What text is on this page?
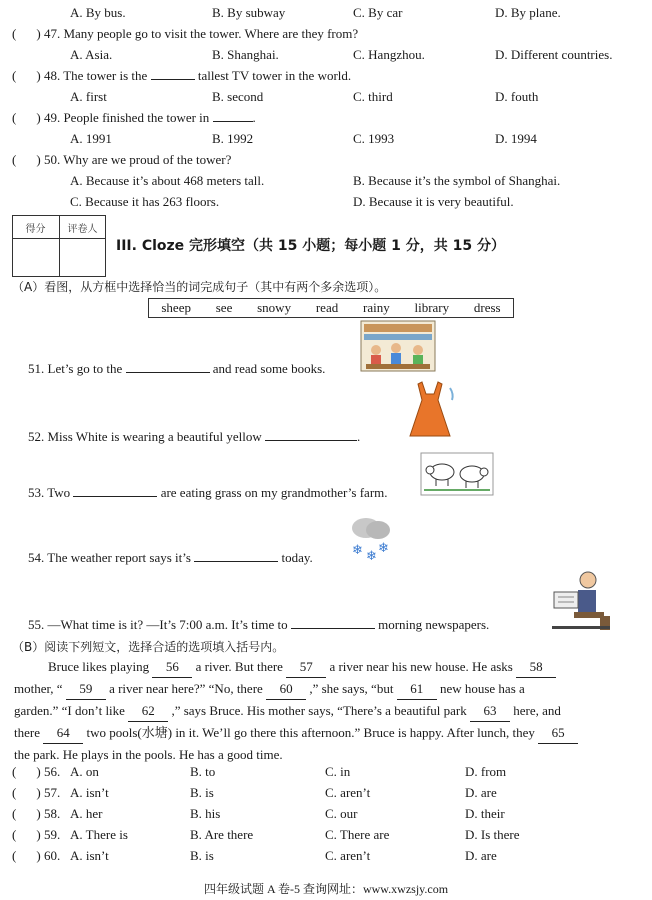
A. By bus.	B. By subway	C. By car	D. By plane.
( ) 47. Many people go to visit the tower. Where are they from?
A. Asia.	B. Shanghai.	C. Hangzhou.	D. Different countries.
( ) 48. The tower is the	tallest TV tower in the world.
A. first	B. second	C. third	D. fouth
( ) 49. People finished the tower in	.
A. 1991	B. 1992	C. 1993	D. 1994
( ) 50. Why are we proud of the tower?
A. Because it’s about 468 meters tall.	B. Because it’s the symbol of Shanghai.
C. Because it has 263 floors.	D. Because it is very beautiful.
得分	评卷人
III. Cloze 完形填空（共 15 小题；每小题 1 分，共 15 分）
（A）看图，从方框中选择恰当的词完成句子（其中有两个多余选项）。
sheep see snowy read rainy library dress
51. Let’s go to the	and read some books.
52. Miss White is wearing a beautiful yellow	.
53. Two	are eating grass on my grandmother’s farm.
54. The weather report says it’s	today.	❄ ❄
❄
55. —What time is it? —It’s 7:00 a.m. It’s time to	morning newspapers.
（B）阅读下列短文，选择合适的选项填入括号内。

Bruce likes playing 56 a river. But there 57 a river near his new house. He asks 58

mother, “ 59 a river near here?” “No, there 60 ,” she says, “but 61 new house has a

garden.” “I don’t like 62 ,” says Bruce. His mother says, “There’s a beautiful park 63 here, and

there 64 two pools(水塘) in it. We’ll go there this afternoon.” Bruce is happy. After lunch, they 65

the park. He plays in the pools. He has a good time.

( ) 56. A. on	B. to	C. in	D. from
( ) 57. A. isn’t	B. is	C. aren’t	D. are
( ) 58. A. her	B. his	C. our	D. their
( ) 59. A. There is	B. Are there	C. There are	D. Is there
( ) 60. A. isn’t	B. is	C. aren’t	D. are
四年级试题 A 卷-5 查询网址：www.xwzsjy.com
